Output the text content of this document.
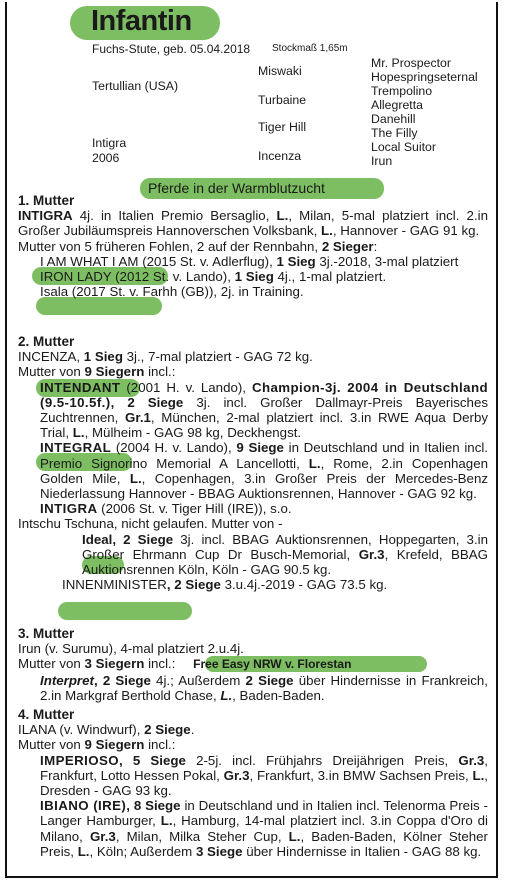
Infantin
Fuchs-Stute, geb. 05.04.2018 Stockmaß 1,65m
Tertullian (USA)
Intigra
2006
Miswaki
Turbaine
Tiger Hill
Incenza
Mr. Prospector
Hopespringseternal
Trempolino
Allegretta
Danehill
The Filly
Local Suitor
Irun
Pferde in der Warmblutzucht
1. Mutter
INTIGRA 4j. in Italien Premio Bersaglio, L., Milan, 5-mal platziert incl. 2.in Großer Jubiläumspreis Hannoverschen Volksbank, L., Hannover - GAG 91 kg.
Mutter von 5 früheren Fohlen, 2 auf der Rennbahn, 2 Sieger:
I AM WHAT I AM (2015 St. v. Adlerflug), 1 Sieg 3j.-2018, 3-mal platziert
IRON LADY (2012 St. v. Lando), 1 Sieg 4j., 1-mal platziert.
Isala (2017 St. v. Farhh (GB)), 2j. in Training.
2. Mutter
INCENZA, 1 Sieg 3j., 7-mal platziert - GAG 72 kg.
Mutter von 9 Siegern incl.:
INTENDANT (2001 H. v. Lando), Champion-3j. 2004 in Deutschland (9.5-10.5f.), 2 Siege 3j. incl. Großer Dallmayr-Preis Bayerisches Zuchtrennen, Gr.1, München, 2-mal platziert incl. 3.in RWE Aqua Derby Trial, L., Mülheim - GAG 98 kg, Deckhengst.
INTEGRAL (2004 H. v. Lando), 9 Siege in Deutschland und in Italien incl. Premio Signorino Memorial A Lancellotti, L., Rome, 2.in Copenhagen Golden Mile, L., Copenhagen, 3.in Großer Preis der Mercedes-Benz Niederlassung Hannover - BBAG Auktionsrennen, Hannover - GAG 92 kg.
INTIGRA (2006 St. v. Tiger Hill (IRE)), s.o.
Intschu Tschuna, nicht gelaufen. Mutter von -
Ideal, 2 Siege 3j. incl. BBAG Auktionsrennen, Hoppegarten, 3.in Großer Ehrmann Cup Dr Busch-Memorial, Gr.3, Krefeld, BBAG Auktionsrennen Köln, Köln - GAG 90.5 kg.
INNENMINISTER, 2 Siege 3.u.4j.-2019 - GAG 73.5 kg.
3. Mutter
Irun (v. Surumu), 4-mal platziert 2.u.4j.
Mutter von 3 Siegern incl.: Free Easy NRW v. Florestan
Interpret, 2 Siege 4j.; Außerdem 2 Siege über Hindernisse in Frankreich, 2.in Markgraf Berthold Chase, L., Baden-Baden.
4. Mutter
ILANA (v. Windwurf), 2 Siege.
Mutter von 9 Siegern incl.:
IMPERIOSO, 5 Siege 2-5j. incl. Frühjahrs Dreijährigen Preis, Gr.3, Frankfurt, Lotto Hessen Pokal, Gr.3, Frankfurt, 3.in BMW Sachsen Preis, L., Dresden - GAG 93 kg.
IBIANO (IRE), 8 Siege in Deutschland und in Italien incl. Telenorma Preis - Langer Hamburger, L., Hamburg, 14-mal platziert incl. 3.in Coppa d'Oro di Milano, Gr.3, Milan, Milka Steher Cup, L., Baden-Baden, Kölner Steher Preis, L., Köln; Außerdem 3 Siege über Hindernisse in Italien - GAG 88 kg.
